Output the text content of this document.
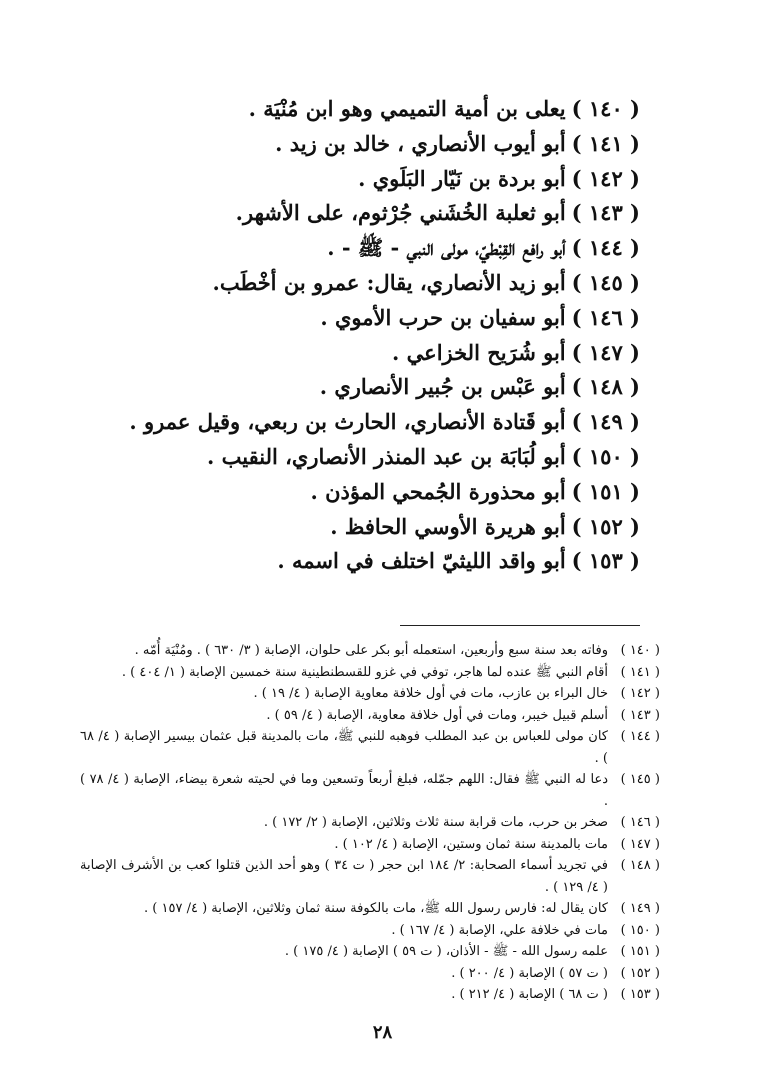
( ١٤٠ )يعلى بن أمية التميمي وهو ابن مُنْيَة .
( ١٤١ )أبو أيوب الأنصاري ، خالد بن زيد .
( ١٤٢ )أبو بردة بن نَيّار البَلَوي .
( ١٤٣ )أبو ثعلبة الخُشَني جُرْثوم، على الأشهر.
( ١٤٤ )أبو رافع القِبْطيّ، مولى النبي - ﷺ - .
( ١٤٥ )أبو زيد الأنصاري، يقال: عمرو بن أخْطَب.
( ١٤٦ )أبو سفيان بن حرب الأموي .
( ١٤٧ )أبو شُرَيح الخزاعي .
( ١٤٨ )أبو عَبْس بن جُبير الأنصاري .
( ١٤٩ )أبو قَتادة الأنصاري، الحارث بن ربعي، وقيل عمرو .
( ١٥٠ )أبو لُبَابَة بن عبد المنذر الأنصاري، النقيب .
( ١٥١ )أبو محذورة الجُمحي المؤذن .
( ١٥٢ )أبو هريرة الأوسي الحافظ .
( ١٥٣ )أبو واقد الليثيّ اختلف في اسمه .
( ١٤٠ )
وفاته بعد سنة سبع وأربعين، استعمله أبو بكر على حلوان، الإصابة ( ٣/ ٦٣٠ ) . ومُنْيَة أُمّه .
( ١٤١ )
أقام النبي ﷺ عنده لما هاجر، توفي في غزو للقسطنطينية سنة خمسين الإصابة ( ١/ ٤٠٤ ) .
( ١٤٢ )
خال البراء بن عازب، مات في أول خلافة معاوية الإصابة ( ٤/ ١٩ ) .
( ١٤٣ )
أسلم قبيل خيبر، ومات في أول خلافة معاوية، الإصابة ( ٤/ ٥٩ ) .
( ١٤٤ )
كان مولى للعباس بن عبد المطلب فوهبه للنبي ﷺ، مات بالمدينة قبل عثمان بيسير الإصابة ( ٤/ ٦٨ ) .
( ١٤٥ )
دعا له النبي ﷺ فقال: اللهم جمّله، فبلغ أربعاً وتسعين وما في لحيته شعرة بيضاء، الإصابة ( ٤/ ٧٨ ) .
( ١٤٦ )
صخر بن حرب، مات قرابة سنة ثلاث وثلاثين، الإصابة ( ٢/ ١٧٢ ) .
( ١٤٧ )
مات بالمدينة سنة ثمان وستين، الإصابة ( ٤/ ١٠٢ ) .
( ١٤٨ )
في تجريد أسماء الصحابة: ٢/ ١٨٤ ابن حجر ( ت ٣٤ ) وهو أحد الذين قتلوا كعب بن الأشرف الإصابة ( ٤/ ١٢٩ ) .
( ١٤٩ )
كان يقال له: فارس رسول الله ﷺ، مات بالكوفة سنة ثمان وثلاثين، الإصابة ( ٤/ ١٥٧ ) .
( ١٥٠ )
مات في خلافة علي، الإصابة ( ٤/ ١٦٧ ) .
( ١٥١ )
علمه رسول الله - ﷺ - الأذان، ( ت ٥٩ ) الإصابة ( ٤/ ١٧٥ ) .
( ١٥٢ )
( ت ٥٧ ) الإصابة ( ٤/ ٢٠٠ ) .
( ١٥٣ )
( ت ٦٨ ) الإصابة ( ٤/ ٢١٢ ) .
٢٨
